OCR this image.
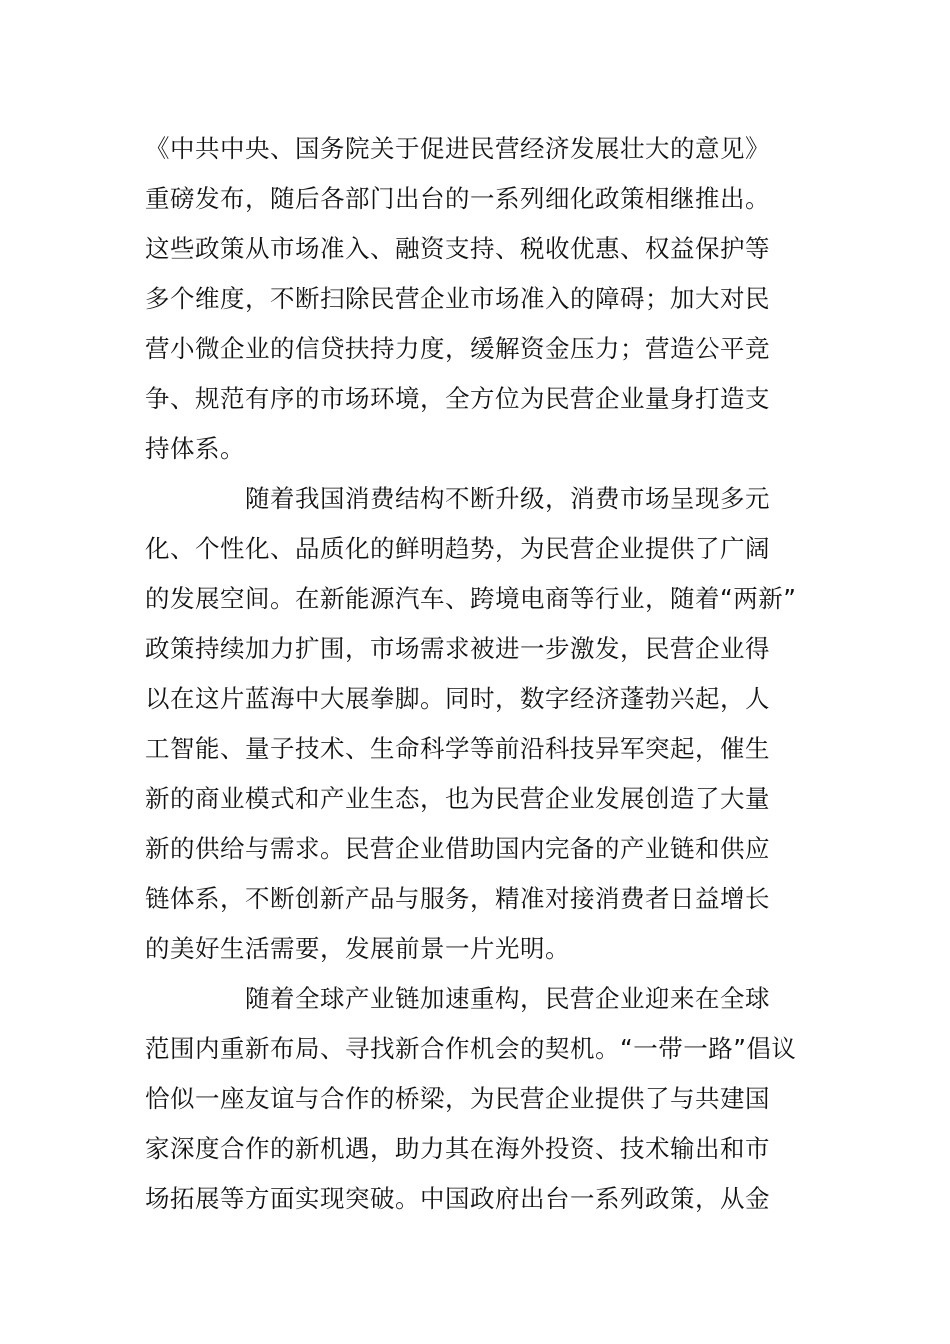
《中共中央、国务院关于促进民营经济发展壮大的意见》
重磅发布，随后各部门出台的一系列细化政策相继推出。
这些政策从市场准入、融资支持、税收优惠、权益保护等
多个维度，不断扫除民营企业市场准入的障碍；加大对民
营小微企业的信贷扶持力度，缓解资金压力；营造公平竞
争、规范有序的市场环境，全方位为民营企业量身打造支
持体系。
随着我国消费结构不断升级，消费市场呈现多元
化、个性化、品质化的鲜明趋势，为民营企业提供了广阔
的发展空间。在新能源汽车、跨境电商等行业，随着“两新”
政策持续加力扩围，市场需求被进一步激发，民营企业得
以在这片蓝海中大展拳脚。同时，数字经济蓬勃兴起，人
工智能、量子技术、生命科学等前沿科技异军突起，催生
新的商业模式和产业生态，也为民营企业发展创造了大量
新的供给与需求。民营企业借助国内完备的产业链和供应
链体系，不断创新产品与服务，精准对接消费者日益增长
的美好生活需要，发展前景一片光明。
随着全球产业链加速重构，民营企业迎来在全球
范围内重新布局、寻找新合作机会的契机。“一带一路”倡议
恰似一座友谊与合作的桥梁，为民营企业提供了与共建国
家深度合作的新机遇，助力其在海外投资、技术输出和市
场拓展等方面实现突破。中国政府出台一系列政策，从金
